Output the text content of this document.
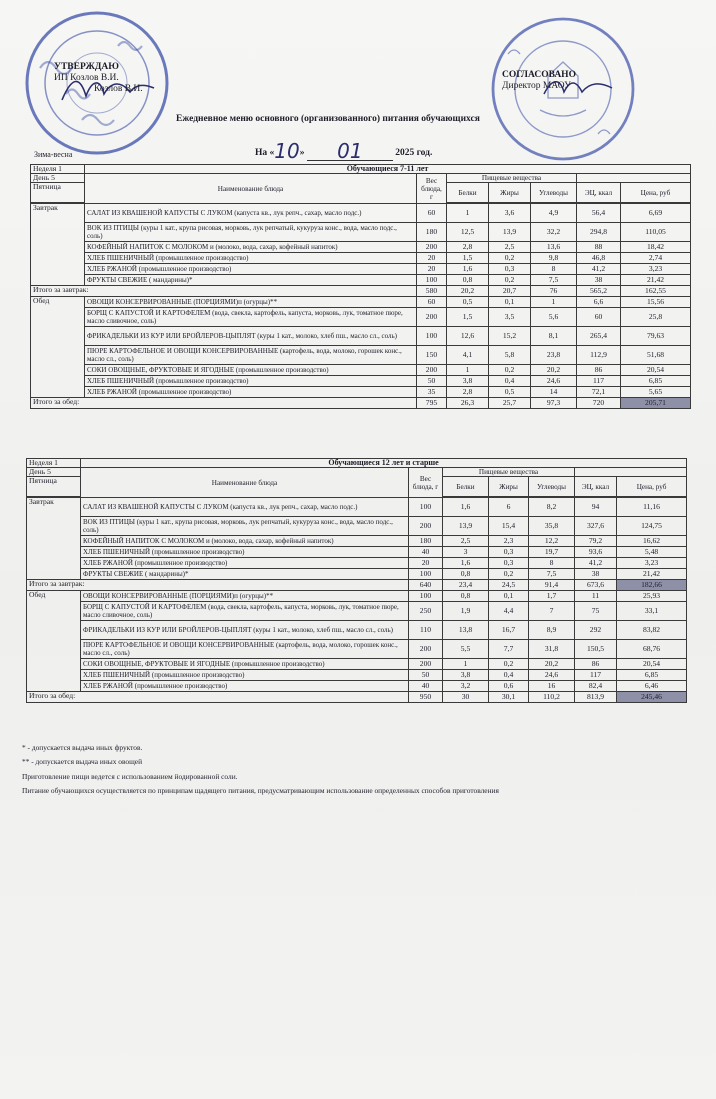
УТВЕРЖДАЮ
ИП Козлов В.И.
Козлов В.И.
СОГЛАСОВАНО
Директор МАОУ
Ежедневное меню основного (организованного) питания обучающихся
На «10» 01	2025 год.
Зима-весна
Неделя 1	Обучающиеся 7-11 лет						
День 5	Наименование блюда	Вес блюда, г	Пищевые вещества				
Пятница			Белки	Жиры	Углеводы	ЭЦ, ккал	Цена, руб

Завтрак	САЛАТ ИЗ КВАШЕНОЙ КАПУСТЫ С ЛУКОМ (капуста кв., лук репч., сахар, масло подс.)	60	1	3,6	4,9	56,4	6,69
	ВОК ИЗ ПТИЦЫ (куры 1 кат., крупа рисовая, морковь, лук репчатый, кукуруза конс., вода, масло подс., соль)	180	12,5	13,9	32,2	294,8	110,05
	КОФЕЙНЫЙ НАПИТОК С МОЛОКОМ и (молоко, вода, сахар, кофейный напиток)	200	2,8	2,5	13,6	88	18,42
	ХЛЕБ ПШЕНИЧНЫЙ (промышленное производство)	20	1,5	0,2	9,8	46,8	2,74
	ХЛЕБ РЖАНОЙ (промышленное производство)	20	1,6	0,3	8	41,2	3,23
	ФРУКТЫ СВЕЖИЕ ( мандарины)*	100	0,8	0,2	7,5	38	21,42
Итого за завтрак:		580	20,2	20,7	76	565,2	162,55
Обед	ОВОЩИ КОНСЕРВИРОВАННЫЕ (ПОРЦИЯМИ)п (огурцы)**	60	0,5	0,1	1	6,6	15,56
	БОРЩ С КАПУСТОЙ И КАРТОФЕЛЕМ (вода, свекла, картофель, капуста, морковь, лук, томатное пюре, масло сливочное, соль)	200	1,5	3,5	5,6	60	25,8
	ФРИКАДЕЛЬКИ ИЗ КУР ИЛИ БРОЙЛЕРОВ-ЦЫПЛЯТ (куры 1 кат., молоко, хлеб пш., масло сл., соль)	100	12,6	15,2	8,1	265,4	79,63
	ПЮРЕ КАРТОФЕЛЬНОЕ И ОВОЩИ КОНСЕРВИРОВАННЫЕ (картофель, вода, молоко, горошек конс., масло сл., соль)	150	4,1	5,8	23,8	112,9	51,68
	СОКИ ОВОЩНЫЕ, ФРУКТОВЫЕ И ЯГОДНЫЕ (промышленное производство)	200	1	0,2	20,2	86	20,54
	ХЛЕБ ПШЕНИЧНЫЙ (промышленное производство)	50	3,8	0,4	24,6	117	6,85
	ХЛЕБ РЖАНОЙ (промышленное производство)	35	2,8	0,5	14	72,1	5,65
Итого за обед:		795	26,3	25,7	97,3	720	205,71
Неделя 1	Обучающиеся 12 лет и старше						
День 5	Наименование блюда	Вес блюда, г	Пищевые вещества				
Пятница			Белки	Жиры	Углеводы	ЭЦ, ккал	Цена, руб

Завтрак	САЛАТ ИЗ КВАШЕНОЙ КАПУСТЫ С ЛУКОМ (капуста кв., лук репч., сахар, масло подс.)	100	1,6	6	8,2	94	11,16
	ВОК ИЗ ПТИЦЫ (куры 1 кат., крупа рисовая, морковь, лук репчатый, кукуруза конс., вода, масло подс., соль)	200	13,9	15,4	35,8	327,6	124,75
	КОФЕЙНЫЙ НАПИТОК С МОЛОКОМ и (молоко, вода, сахар, кофейный напиток)	180	2,5	2,3	12,2	79,2	16,62
	ХЛЕБ ПШЕНИЧНЫЙ (промышленное производство)	40	3	0,3	19,7	93,6	5,48
	ХЛЕБ РЖАНОЙ (промышленное производство)	20	1,6	0,3	8	41,2	3,23
	ФРУКТЫ СВЕЖИЕ ( мандарины)*	100	0,8	0,2	7,5	38	21,42
Итого за завтрак:		640	23,4	24,5	91,4	673,6	182,66
Обед	ОВОЩИ КОНСЕРВИРОВАННЫЕ (ПОРЦИЯМИ)п (огурцы)**	100	0,8	0,1	1,7	11	25,93
	БОРЩ С КАПУСТОЙ И КАРТОФЕЛЕМ (вода, свекла, картофель, капуста, морковь, лук, томатное пюре, масло сливочное, соль)	250	1,9	4,4	7	75	33,1
	ФРИКАДЕЛЬКИ ИЗ КУР ИЛИ БРОЙЛЕРОВ-ЦЫПЛЯТ (куры 1 кат., молоко, хлеб пш., масло сл., соль)	110	13,8	16,7	8,9	292	83,82
	ПЮРЕ КАРТОФЕЛЬНОЕ И ОВОЩИ КОНСЕРВИРОВАННЫЕ (картофель, вода, молоко, горошек конс., масло сл., соль)	200	5,5	7,7	31,8	150,5	68,76
	СОКИ ОВОЩНЫЕ, ФРУКТОВЫЕ И ЯГОДНЫЕ (промышленное производство)	200	1	0,2	20,2	86	20,54
	ХЛЕБ ПШЕНИЧНЫЙ (промышленное производство)	50	3,8	0,4	24,6	117	6,85
	ХЛЕБ РЖАНОЙ (промышленное производство)	40	3,2	0,6	16	82,4	6,46
Итого за обед:		950	30	30,1	110,2	813,9	245,46
* - допускается выдача иных фруктов.
** - допускается выдача иных овощей
Приготовление пищи ведется с использованием йодированной соли.
Питание обучающихся осуществляется по принципам щадящего питания, предусматривающим использование определенных способов приготовления
